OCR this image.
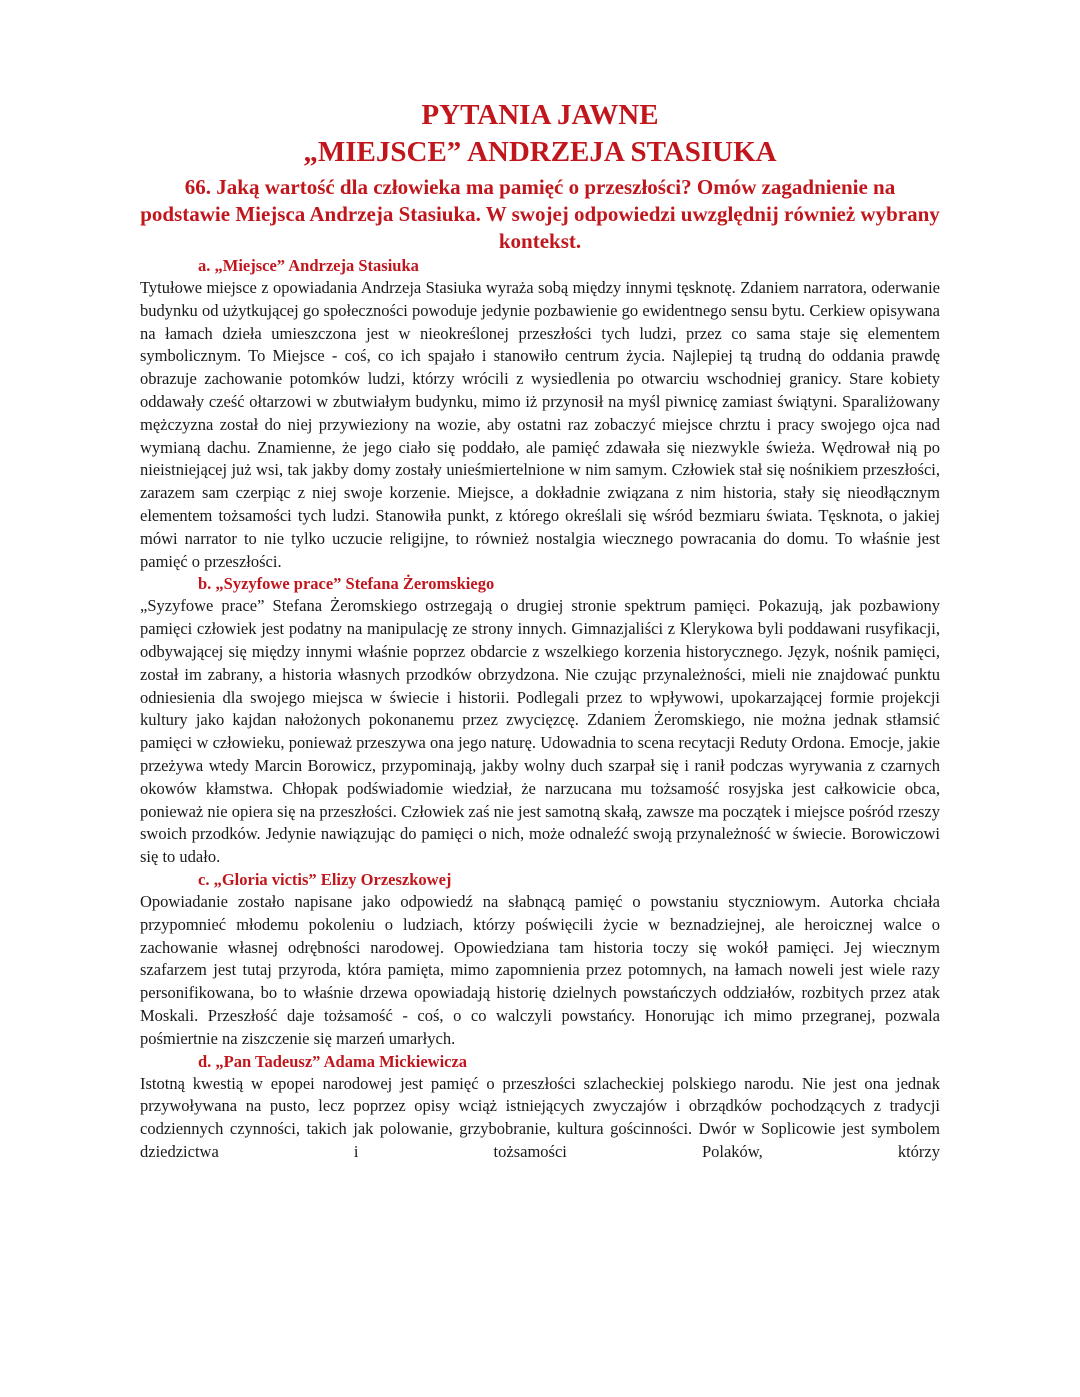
PYTANIA JAWNE
„MIEJSCE” ANDRZEJA STASIUKA
66. Jaką wartość dla człowieka ma pamięć o przeszłości? Omów zagadnienie na podstawie Miejsca Andrzeja Stasiuka. W swojej odpowiedzi uwzględnij również wybrany kontekst.
a. „Miejsce” Andrzeja Stasiuka

Tytułowe miejsce z opowiadania Andrzeja Stasiuka wyraża sobą między innymi tęsknotę. Zdaniem narratora, oderwanie budynku od użytkującej go społeczności powoduje jedynie pozbawienie go ewidentnego sensu bytu. Cerkiew opisywana na łamach dzieła umieszczona jest w nieokreślonej przeszłości tych ludzi, przez co sama staje się elementem symbolicznym. To Miejsce - coś, co ich spajało i stanowiło centrum życia. Najlepiej tą trudną do oddania prawdę obrazuje zachowanie potomków ludzi, którzy wrócili z wysiedlenia po otwarciu wschodniej granicy. Stare kobiety oddawały cześć ołtarzowi w zbutwiałym budynku, mimo iż przynosił na myśl piwnicę zamiast świątyni. Sparaliżowany mężczyzna został do niej przywieziony na wozie, aby ostatni raz zobaczyć miejsce chrztu i pracy swojego ojca nad wymianą dachu. Znamienne, że jego ciało się poddało, ale pamięć zdawała się niezwykle świeża. Wędrował nią po nieistniejącej już wsi, tak jakby domy zostały unieśmiertelnione w nim samym. Człowiek stał się nośnikiem przeszłości, zarazem sam czerpiąc z niej swoje korzenie. Miejsce, a dokładnie związana z nim historia, stały się nieodłącznym elementem tożsamości tych ludzi. Stanowiła punkt, z którego określali się wśród bezmiaru świata. Tęsknota, o jakiej mówi narrator to nie tylko uczucie religijne, to również nostalgia wiecznego powracania do domu. To właśnie jest pamięć o przeszłości.

b. „Syzyfowe prace” Stefana Żeromskiego

„Syzyfowe prace” Stefana Żeromskiego ostrzegają o drugiej stronie spektrum pamięci. Pokazują, jak pozbawiony pamięci człowiek jest podatny na manipulację ze strony innych. Gimnazjaliści z Klerykowa byli poddawani rusyfikacji, odbywającej się między innymi właśnie poprzez obdarcie z wszelkiego korzenia historycznego. Język, nośnik pamięci, został im zabrany, a historia własnych przodków obrzydzona. Nie czując przynależności, mieli nie znajdować punktu odniesienia dla swojego miejsca w świecie i historii. Podlegali przez to wpływowi, upokarzającej formie projekcji kultury jako kajdan nałożonych pokonanemu przez zwycięzcę. Zdaniem Żeromskiego, nie można jednak stłamsić pamięci w człowieku, ponieważ przeszywa ona jego naturę. Udowadnia to scena recytacji Reduty Ordona. Emocje, jakie przeżywa wtedy Marcin Borowicz, przypominają, jakby wolny duch szarpał się i ranił podczas wyrywania z czarnych okowów kłamstwa. Chłopak podświadomie wiedział, że narzucana mu tożsamość rosyjska jest całkowicie obca, ponieważ nie opiera się na przeszłości. Człowiek zaś nie jest samotną skałą, zawsze ma początek i miejsce pośród rzeszy swoich przodków. Jedynie nawiązując do pamięci o nich, może odnaleźć swoją przynależność w świecie. Borowiczowi się to udało.

c. „Gloria victis” Elizy Orzeszkowej

Opowiadanie zostało napisane jako odpowiedź na słabnącą pamięć o powstaniu styczniowym. Autorka chciała przypomnieć młodemu pokoleniu o ludziach, którzy poświęcili życie w beznadziejnej, ale heroicznej walce o zachowanie własnej odrębności narodowej. Opowiedziana tam historia toczy się wokół pamięci. Jej wiecznym szafarzem jest tutaj przyroda, która pamięta, mimo zapomnienia przez potomnych, na łamach noweli jest wiele razy personifikowana, bo to właśnie drzewa opowiadają historię dzielnych powstańczych oddziałów, rozbitych przez atak Moskali. Przeszłość daje tożsamość - coś, o co walczyli powstańcy. Honorując ich mimo przegranej, pozwala pośmiertnie na ziszczenie się marzeń umarłych.

d. „Pan Tadeusz” Adama Mickiewicza

Istotną kwestią w epopei narodowej jest pamięć o przeszłości szlacheckiej polskiego narodu. Nie jest ona jednak przywoływana na pusto, lecz poprzez opisy wciąż istniejących zwyczajów i obrządków pochodzących z tradycji codziennych czynności, takich jak polowanie, grzybobranie, kultura gościnności. Dwór w Soplicowie jest symbolem dziedzictwa i tożsamości Polaków, którzy
